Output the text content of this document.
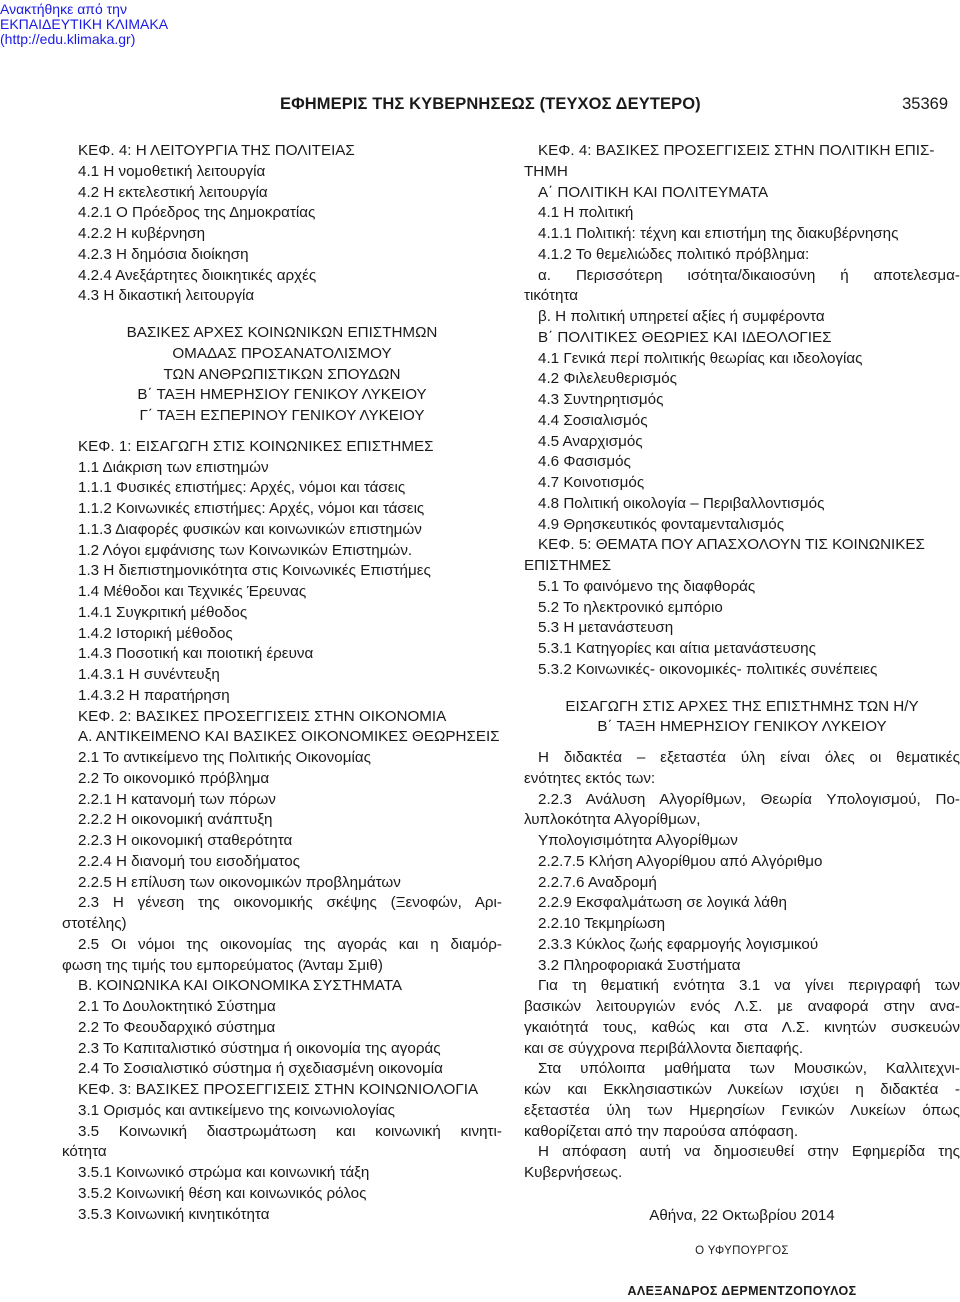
Ανακτήθηκε από την
ΕΚΠΑΙΔΕΥΤΙΚΗ ΚΛΙΜΑΚΑ
(http://edu.klimaka.gr)
ΕΦΗΜΕΡΙΣ ΤΗΣ ΚΥΒΕΡΝΗΣΕΩΣ (ΤΕΥΧΟΣ ΔΕΥΤΕΡΟ)	35369
ΚΕΦ. 4: Η ΛΕΙΤΟΥΡΓΙΑ ΤΗΣ ΠΟΛΙΤΕΙΑΣ
4.1 Η νομοθετική λειτουργία
4.2 Η εκτελεστική λειτουργία
4.2.1 Ο Πρόεδρος της Δημοκρατίας
4.2.2 Η κυβέρνηση
4.2.3 Η δημόσια διοίκηση
4.2.4 Ανεξάρτητες διοικητικές αρχές
4.3 Η δικαστική λειτουργία
ΒΑΣΙΚΕΣ ΑΡΧΕΣ ΚΟΙΝΩΝΙΚΩΝ ΕΠΙΣΤΗΜΩΝ
ΟΜΑΔΑΣ ΠΡΟΣΑΝΑΤΟΛΙΣΜΟΥ
ΤΩΝ ΑΝΘΡΩΠΙΣΤΙΚΩΝ ΣΠΟΥΔΩΝ
Β΄ ΤΑΞΗ ΗΜΕΡΗΣΙΟΥ ΓΕΝΙΚΟΥ ΛΥΚΕΙΟΥ
Γ΄ ΤΑΞΗ ΕΣΠΕΡΙΝΟΥ ΓΕΝΙΚΟΥ ΛΥΚΕΙΟΥ
ΚΕΦ. 1: ΕΙΣΑΓΩΓΗ ΣΤΙΣ ΚΟΙΝΩΝΙΚΕΣ ΕΠΙΣΤΗΜΕΣ
1.1 Διάκριση των επιστημών
1.1.1 Φυσικές επιστήμες: Αρχές, νόμοι και τάσεις
1.1.2 Κοινωνικές επιστήμες: Αρχές, νόμοι και τάσεις
1.1.3 Διαφορές φυσικών και κοινωνικών επιστημών
1.2 Λόγοι εμφάνισης των Κοινωνικών Επιστημών.
1.3 Η διεπιστημονικότητα στις Κοινωνικές Επιστήμες
1.4 Μέθοδοι και Τεχνικές Έρευνας
1.4.1 Συγκριτική μέθοδος
1.4.2 Ιστορική μέθοδος
1.4.3 Ποσοτική και ποιοτική έρευνα
1.4.3.1 Η συνέντευξη
1.4.3.2 Η παρατήρηση
ΚΕΦ. 2: ΒΑΣΙΚΕΣ ΠΡΟΣΕΓΓΙΣΕΙΣ ΣΤΗΝ ΟΙΚΟΝΟΜΙΑ
Α. ΑΝΤΙΚΕΙΜΕΝΟ ΚΑΙ ΒΑΣΙΚΕΣ ΟΙΚΟΝΟΜΙΚΕΣ ΘΕΩΡΗΣΕΙΣ
2.1 Το αντικείμενο της Πολιτικής Οικονομίας
2.2 Το οικονομικό πρόβλημα
2.2.1 Η κατανομή των πόρων
2.2.2 Η οικονομική ανάπτυξη
2.2.3 Η οικονομική σταθερότητα
2.2.4 Η διανομή του εισοδήματος
2.2.5 Η επίλυση των οικονομικών προβλημάτων
2.3 Η γένεση της οικονομικής σκέψης (Ξενοφών, Αρι-
στοτέλης)
2.5 Οι νόμοι της οικονομίας της αγοράς και η διαμόρ-
φωση της τιμής του εμπορεύματος (Άνταμ Σμιθ)
Β. ΚΟΙΝΩΝΙΚΑ ΚΑΙ ΟΙΚΟΝΟΜΙΚΑ ΣΥΣΤΗΜΑΤΑ
2.1 Το Δουλοκτητικό Σύστημα
2.2 Το Φεουδαρχικό σύστημα
2.3 Το Καπιταλιστικό σύστημα ή οικονομία της αγοράς
2.4 Το Σοσιαλιστικό σύστημα ή σχεδιασμένη οικονομία
ΚΕΦ. 3: ΒΑΣΙΚΕΣ ΠΡΟΣΕΓΓΙΣΕΙΣ ΣΤΗΝ ΚΟΙΝΩΝΙΟΛΟΓΙΑ
3.1 Ορισμός και αντικείμενο της κοινωνιολογίας
3.5 Κοινωνική διαστρωμάτωση και κοινωνική κινητι-
κότητα
3.5.1 Κοινωνικό στρώμα και κοινωνική τάξη
3.5.2 Κοινωνική θέση και κοινωνικός ρόλος
3.5.3 Κοινωνική κινητικότητα
ΚΕΦ. 4: ΒΑΣΙΚΕΣ ΠΡΟΣΕΓΓΙΣΕΙΣ ΣΤΗΝ ΠΟΛΙΤΙΚΗ ΕΠΙΣ-
ΤΗΜΗ
Α΄ ΠΟΛΙΤΙΚΗ ΚΑΙ ΠΟΛΙΤΕΥΜΑΤΑ
4.1 Η πολιτική
4.1.1 Πολιτική: τέχνη και επιστήμη της διακυβέρνησης
4.1.2 Το θεμελιώδες πολιτικό πρόβλημα:
α. Περισσότερη ισότητα/δικαιοσύνη ή αποτελεσμα-
τικότητα
β. Η πολιτική υπηρετεί αξίες ή συμφέροντα
Β΄ ΠΟΛΙΤΙΚΕΣ ΘΕΩΡΙΕΣ ΚΑΙ ΙΔΕΟΛΟΓΙΕΣ
4.1 Γενικά περί πολιτικής θεωρίας και ιδεολογίας
4.2 Φιλελευθερισμός
4.3 Συντηρητισμός
4.4 Σοσιαλισμός
4.5 Αναρχισμός
4.6 Φασισμός
4.7 Κοινοτισμός
4.8 Πολιτική οικολογία – Περιβαλλοντισμός
4.9 Θρησκευτικός φονταμενταλισμός
ΚΕΦ. 5: ΘΕΜΑΤΑ ΠΟΥ ΑΠΑΣΧΟΛΟΥΝ ΤΙΣ ΚΟΙΝΩΝΙΚΕΣ
ΕΠΙΣΤΗΜΕΣ
5.1 Το φαινόμενο της διαφθοράς
5.2 Το ηλεκτρονικό εμπόριο
5.3 Η μετανάστευση
5.3.1 Κατηγορίες και αίτια μετανάστευσης
5.3.2 Κοινωνικές- οικονομικές- πολιτικές συνέπειες
ΕΙΣΑΓΩΓΗ ΣΤΙΣ ΑΡΧΕΣ ΤΗΣ ΕΠΙΣΤΗΜΗΣ ΤΩΝ Η/Υ
Β΄ ΤΑΞΗ ΗΜΕΡΗΣΙΟΥ ΓΕΝΙΚΟΥ ΛΥΚΕΙΟΥ
Η διδακτέα – εξεταστέα ύλη είναι όλες οι θεματικές
ενότητες εκτός των:
2.2.3 Ανάλυση Αλγορίθμων, Θεωρία Υπολογισμού, Πο-
λυπλοκότητα Αλγορίθμων,
Υπολογισιμότητα Αλγορίθμων
2.2.7.5 Κλήση Αλγορίθμου από Αλγόριθμο
2.2.7.6 Αναδρομή
2.2.9 Εκσφαλμάτωση σε λογικά λάθη
2.2.10 Τεκμηρίωση
2.3.3 Κύκλος ζωής εφαρμογής λογισμικού
3.2 Πληροφοριακά Συστήματα
Για τη θεματική ενότητα 3.1 να γίνει περιγραφή των
βασικών λειτουργιών ενός Λ.Σ. με αναφορά στην ανα-
γκαιότητά τους, καθώς και στα Λ.Σ. κινητών συσκευών
και σε σύγχρονα περιβάλλοντα διεπαφής.
Στα υπόλοιπα μαθήματα των Μουσικών, Καλλιτεχνι-
κών και Εκκλησιαστικών Λυκείων ισχύει η διδακτέα -
εξεταστέα ύλη των Ημερησίων Γενικών Λυκείων όπως
καθορίζεται από την παρούσα απόφαση.
Η απόφαση αυτή να δημοσιευθεί στην Εφημερίδα της
Κυβερνήσεως.
Αθήνα, 22 Οκτωβρίου 2014
Ο ΥΦΥΠΟΥΡΓΟΣ
ΑΛΕΞΑΝΔΡΟΣ ΔΕΡΜΕΝΤΖΟΠΟΥΛΟΣ
